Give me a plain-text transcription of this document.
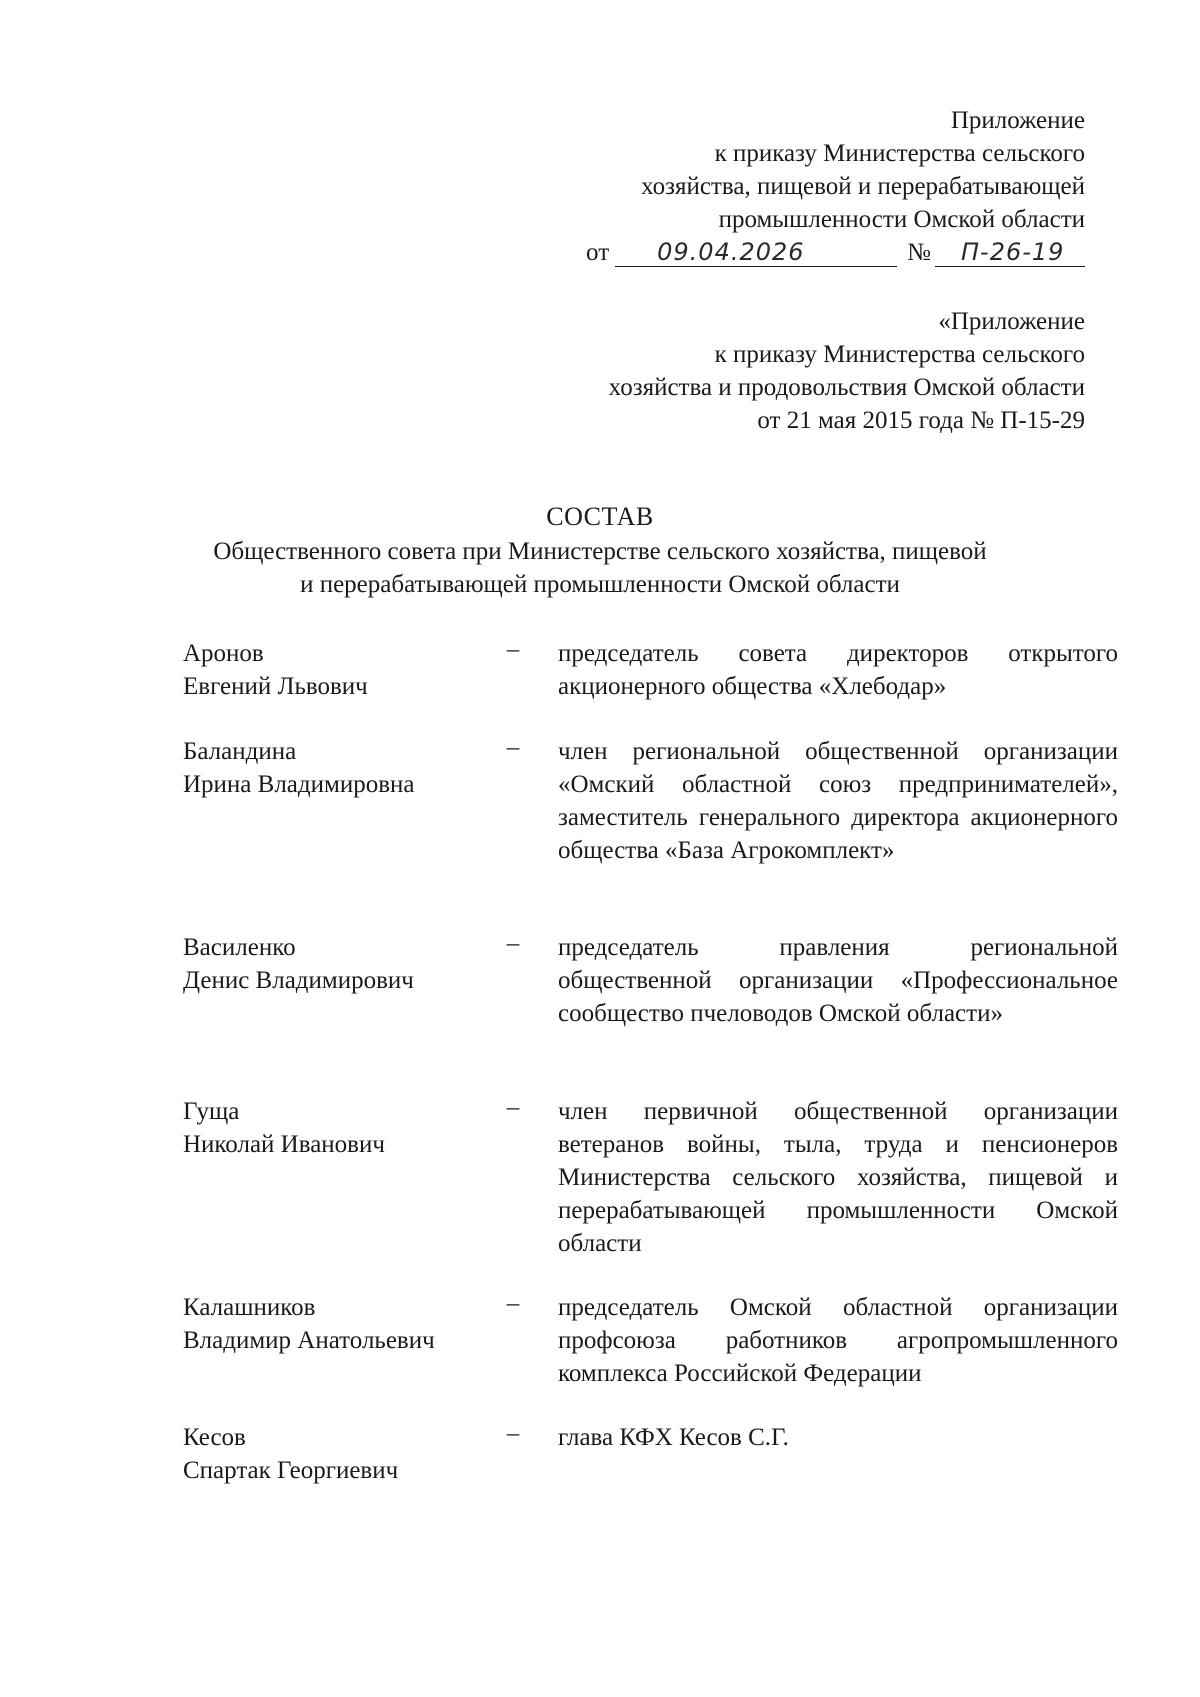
Приложение
к приказу Министерства сельского
хозяйства, пищевой и перерабатывающей
промышленности Омской области
от	09.04.2026	№	П-26-19
«Приложение
к приказу Министерства сельского
хозяйства и продовольствия Омской области
от 21 мая 2015 года № П-15-29
СОСТАВ
Общественного совета при Министерстве сельского хозяйства, пищевой
и перерабатывающей промышленности Омской области
Аронов
Евгений Львович
– председатель совета директоров открытого акционерного общества «Хлебодар»
Баландина
Ирина Владимировна
– член региональной общественной организации «Омский областной союз предпринимателей», заместитель генерального директора акционерного общества «База Агрокомплект»
Василенко
Денис Владимирович
– председатель правления региональной общественной организации «Профессиональное сообщество пчеловодов Омской области»
Гуща
Николай Иванович
– член первичной общественной организации ветеранов войны, тыла, труда и пенсионеров Министерства сельского хозяйства, пищевой и перерабатывающей промышленности Омской области
Калашников
Владимир Анатольевич
– председатель Омской областной организации профсоюза работников агропромышленного комплекса Российской Федерации
Кесов
Спартак Георгиевич
– глава КФХ Кесов С.Г.
